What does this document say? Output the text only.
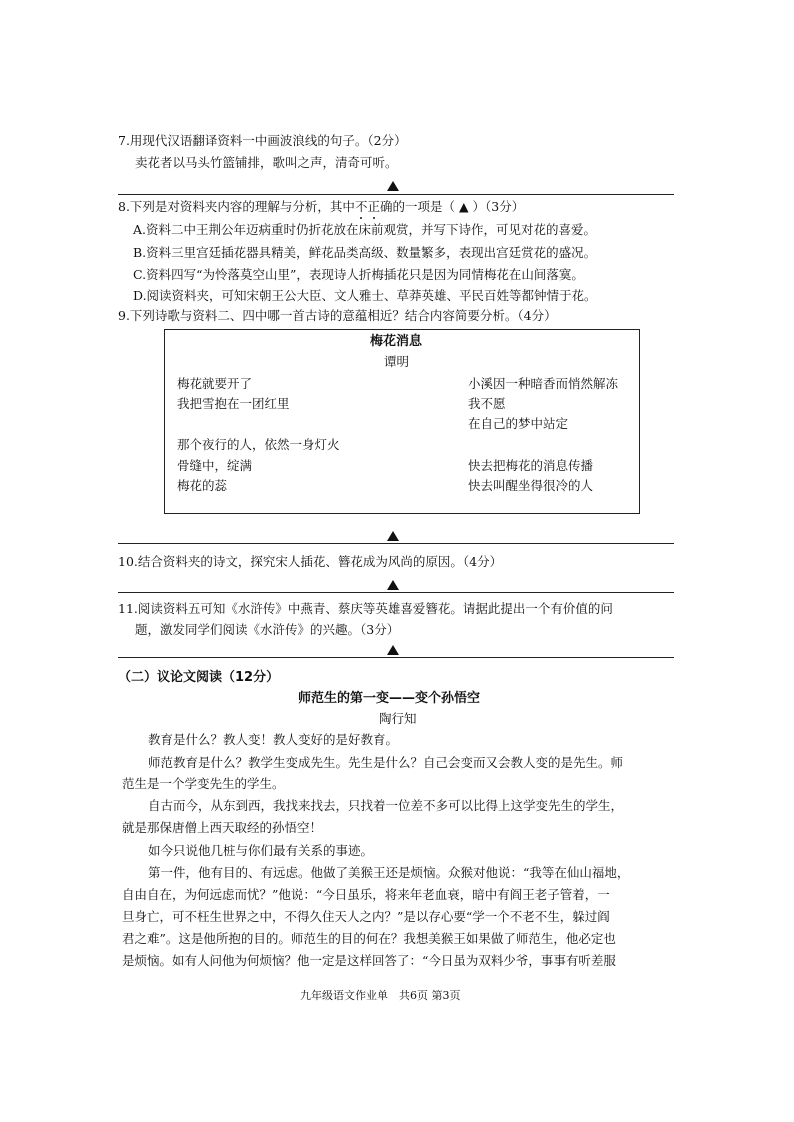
7.用现代汉语翻译资料一中画波浪线的句子。（2分）
卖花者以马头竹篮铺排，歌叫之声，清奇可听。
8.下列是对资料夹内容的理解与分析，其中不正确的一项是（ ▲ ）（3分）
A.资料二中王荆公年迈病重时仍折花放在床前观赏，并写下诗作，可见对花的喜爱。
B.资料三里宫廷插花器具精美，鲜花品类高级、数量繁多，表现出宫廷赏花的盛况。
C.资料四写“为怜落莫空山里”，表现诗人折梅插花只是因为同情梅花在山间落寞。
D.阅读资料夹，可知宋朝王公大臣、文人雅士、草莽英雄、平民百姓等都钟情于花。
9.下列诗歌与资料二、四中哪一首古诗的意蕴相近？结合内容简要分析。（4分）
梅花消息
谭明
梅花就要开了
我把雪抱在一团红里
那个夜行的人，依然一身灯火
骨缝中，绽满
梅花的蕊
小溪因一种暗香而悄然解冻
我不愿
在自己的梦中站定
快去把梅花的消息传播
快去叫醒坐得很冷的人
10.结合资料夹的诗文，探究宋人插花、簪花成为风尚的原因。（4分）
11.阅读资料五可知《水浒传》中燕青、蔡庆等英雄喜爱簪花。请据此提出一个有价值的问
题，激发同学们阅读《水浒传》的兴趣。（3分）
（二）议论文阅读（12分）
师范生的第一变——变个孙悟空
陶行知
教育是什么？教人变！教人变好的是好教育。
师范教育是什么？教学生变成先生。先生是什么？自己会变而又会教人变的是先生。师
范生是一个学变先生的学生。
自古而今，从东到西，我找来找去，只找着一位差不多可以比得上这学变先生的学生，
就是那保唐僧上西天取经的孙悟空！
如今只说他几桩与你们最有关系的事迹。
第一件，他有目的、有远虑。他做了美猴王还是烦恼。众猴对他说：“我等在仙山福地，
自由自在，为何远虑而忧？”他说：“今日虽乐，将来年老血衰，暗中有阎王老子管着，一
旦身亡，可不枉生世界之中，不得久住天人之内？”是以存心要“学一个不老不生，躲过阎
君之难”。这是他所抱的目的。师范生的目的何在？我想美猴王如果做了师范生，他必定也
是烦恼。如有人问他为何烦恼？他一定是这样回答了：“今日虽为双料少爷，事事有听差服
九年级语文作业单　共6页 第3页
